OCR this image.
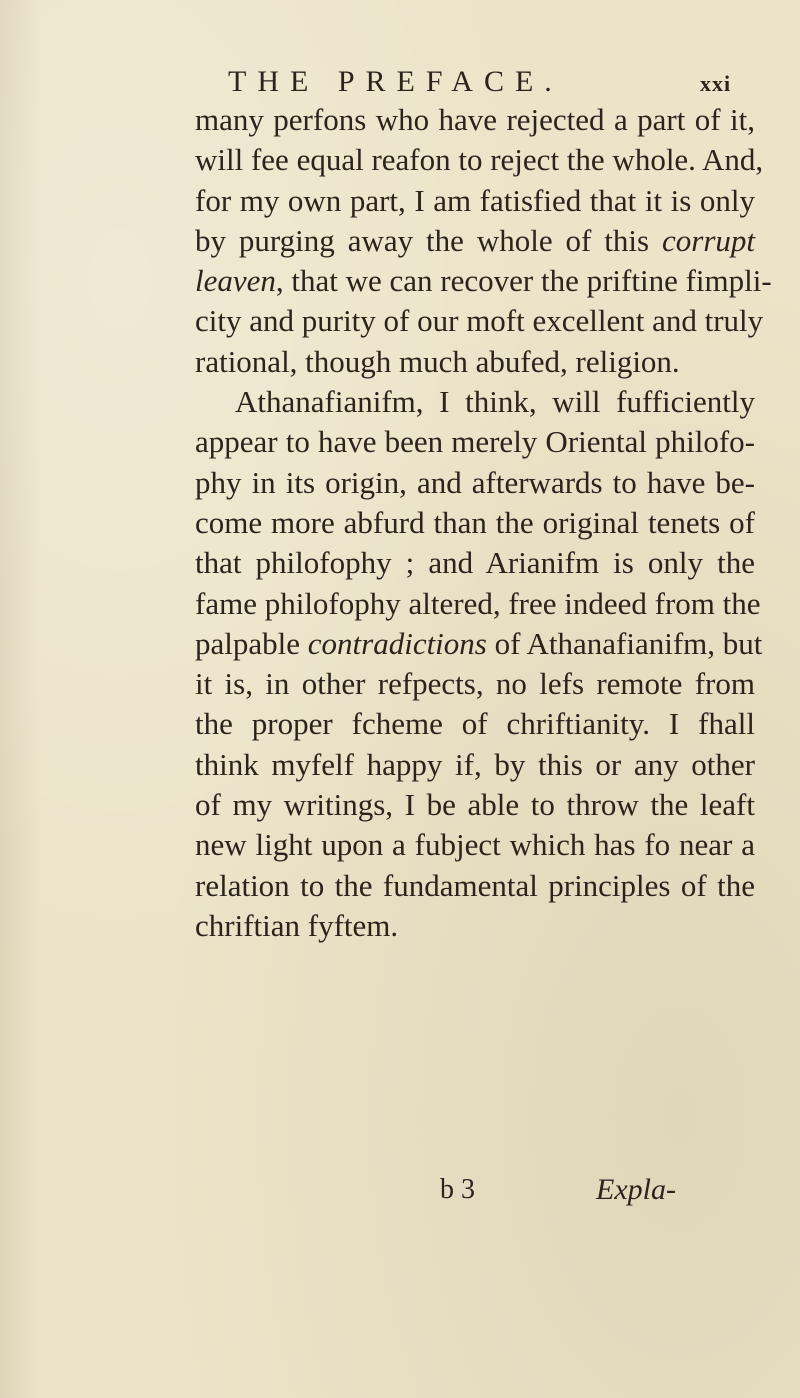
THE PREFACE.	xxi
many perfons who have rejected a part of it,
will fee equal reafon to reject the whole. And,
for my own part, I am fatisfied that it is only
by purging away the whole of this corrupt
leaven, that we can recover the priftine fimpli-
city and purity of our moft excellent and truly
rational, though much abufed, religion.
Athanafianifm, I think, will fufficiently
appear to have been merely Oriental philofo-
phy in its origin, and afterwards to have be-
come more abfurd than the original tenets of
that philofophy ; and Arianifm is only the
fame philofophy altered, free indeed from the
palpable contradictions of Athanafianifm, but
it is, in other refpects, no lefs remote from
the proper fcheme of chriftianity. I fhall
think myfelf happy if, by this or any other
of my writings, I be able to throw the leaft
new light upon a fubject which has fo near a
relation to the fundamental principles of the
chriftian fyftem.
b 3	Expla-
